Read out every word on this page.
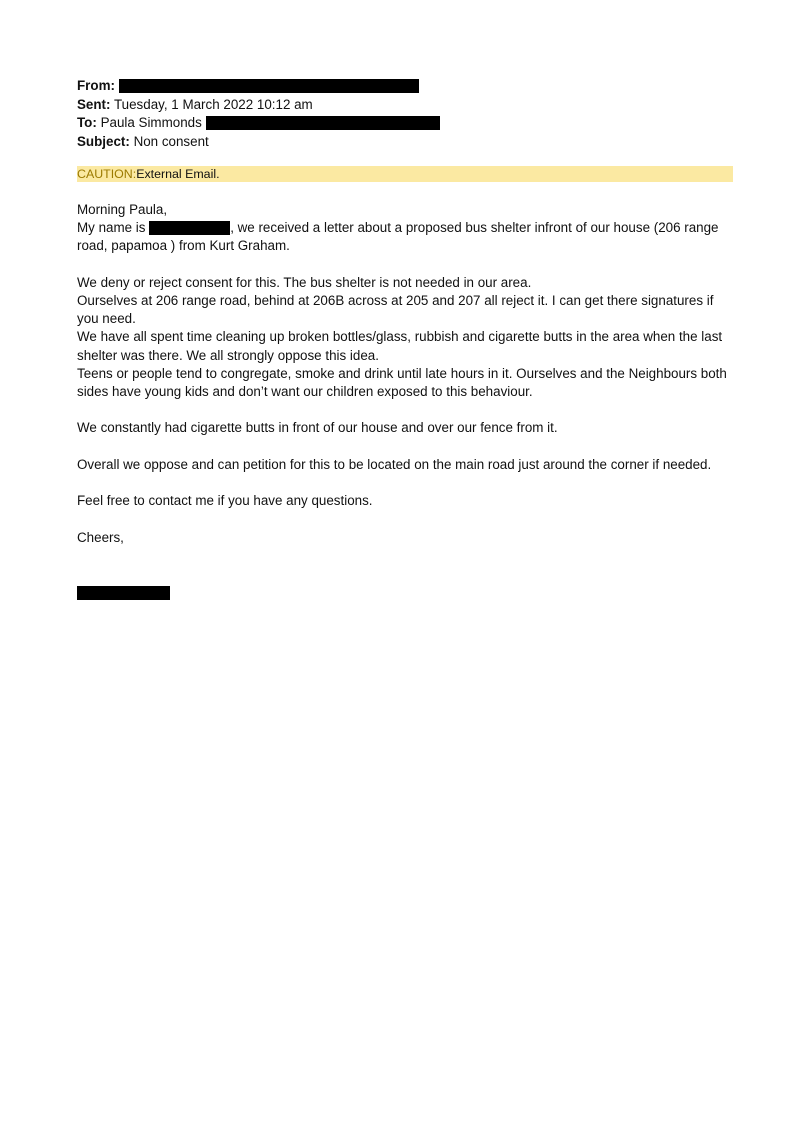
From:
Sent: Tuesday, 1 March 2022 10:12 am
To: Paula Simmonds
Subject: Non consent
CAUTION:External Email.

Morning Paula,

My name is	, we received a letter about a proposed bus shelter infront of our house (206 range road, papamoa ) from Kurt Graham.

We deny or reject consent for this. The bus shelter is not needed in our area.

Ourselves at 206 range road, behind at 206B across at 205 and 207 all reject it. I can get there signatures if you need.

We have all spent time cleaning up broken bottles/glass, rubbish and cigarette butts in the area when the last shelter was there. We all strongly oppose this idea.

Teens or people tend to congregate, smoke and drink until late hours in it. Ourselves and the Neighbours both sides have young kids and don’t want our children exposed to this behaviour.

We constantly had cigarette butts in front of our house and over our fence from it.

Overall we oppose and can petition for this to be located on the main road just around the corner if needed.

Feel free to contact me if you have any questions.

Cheers,
